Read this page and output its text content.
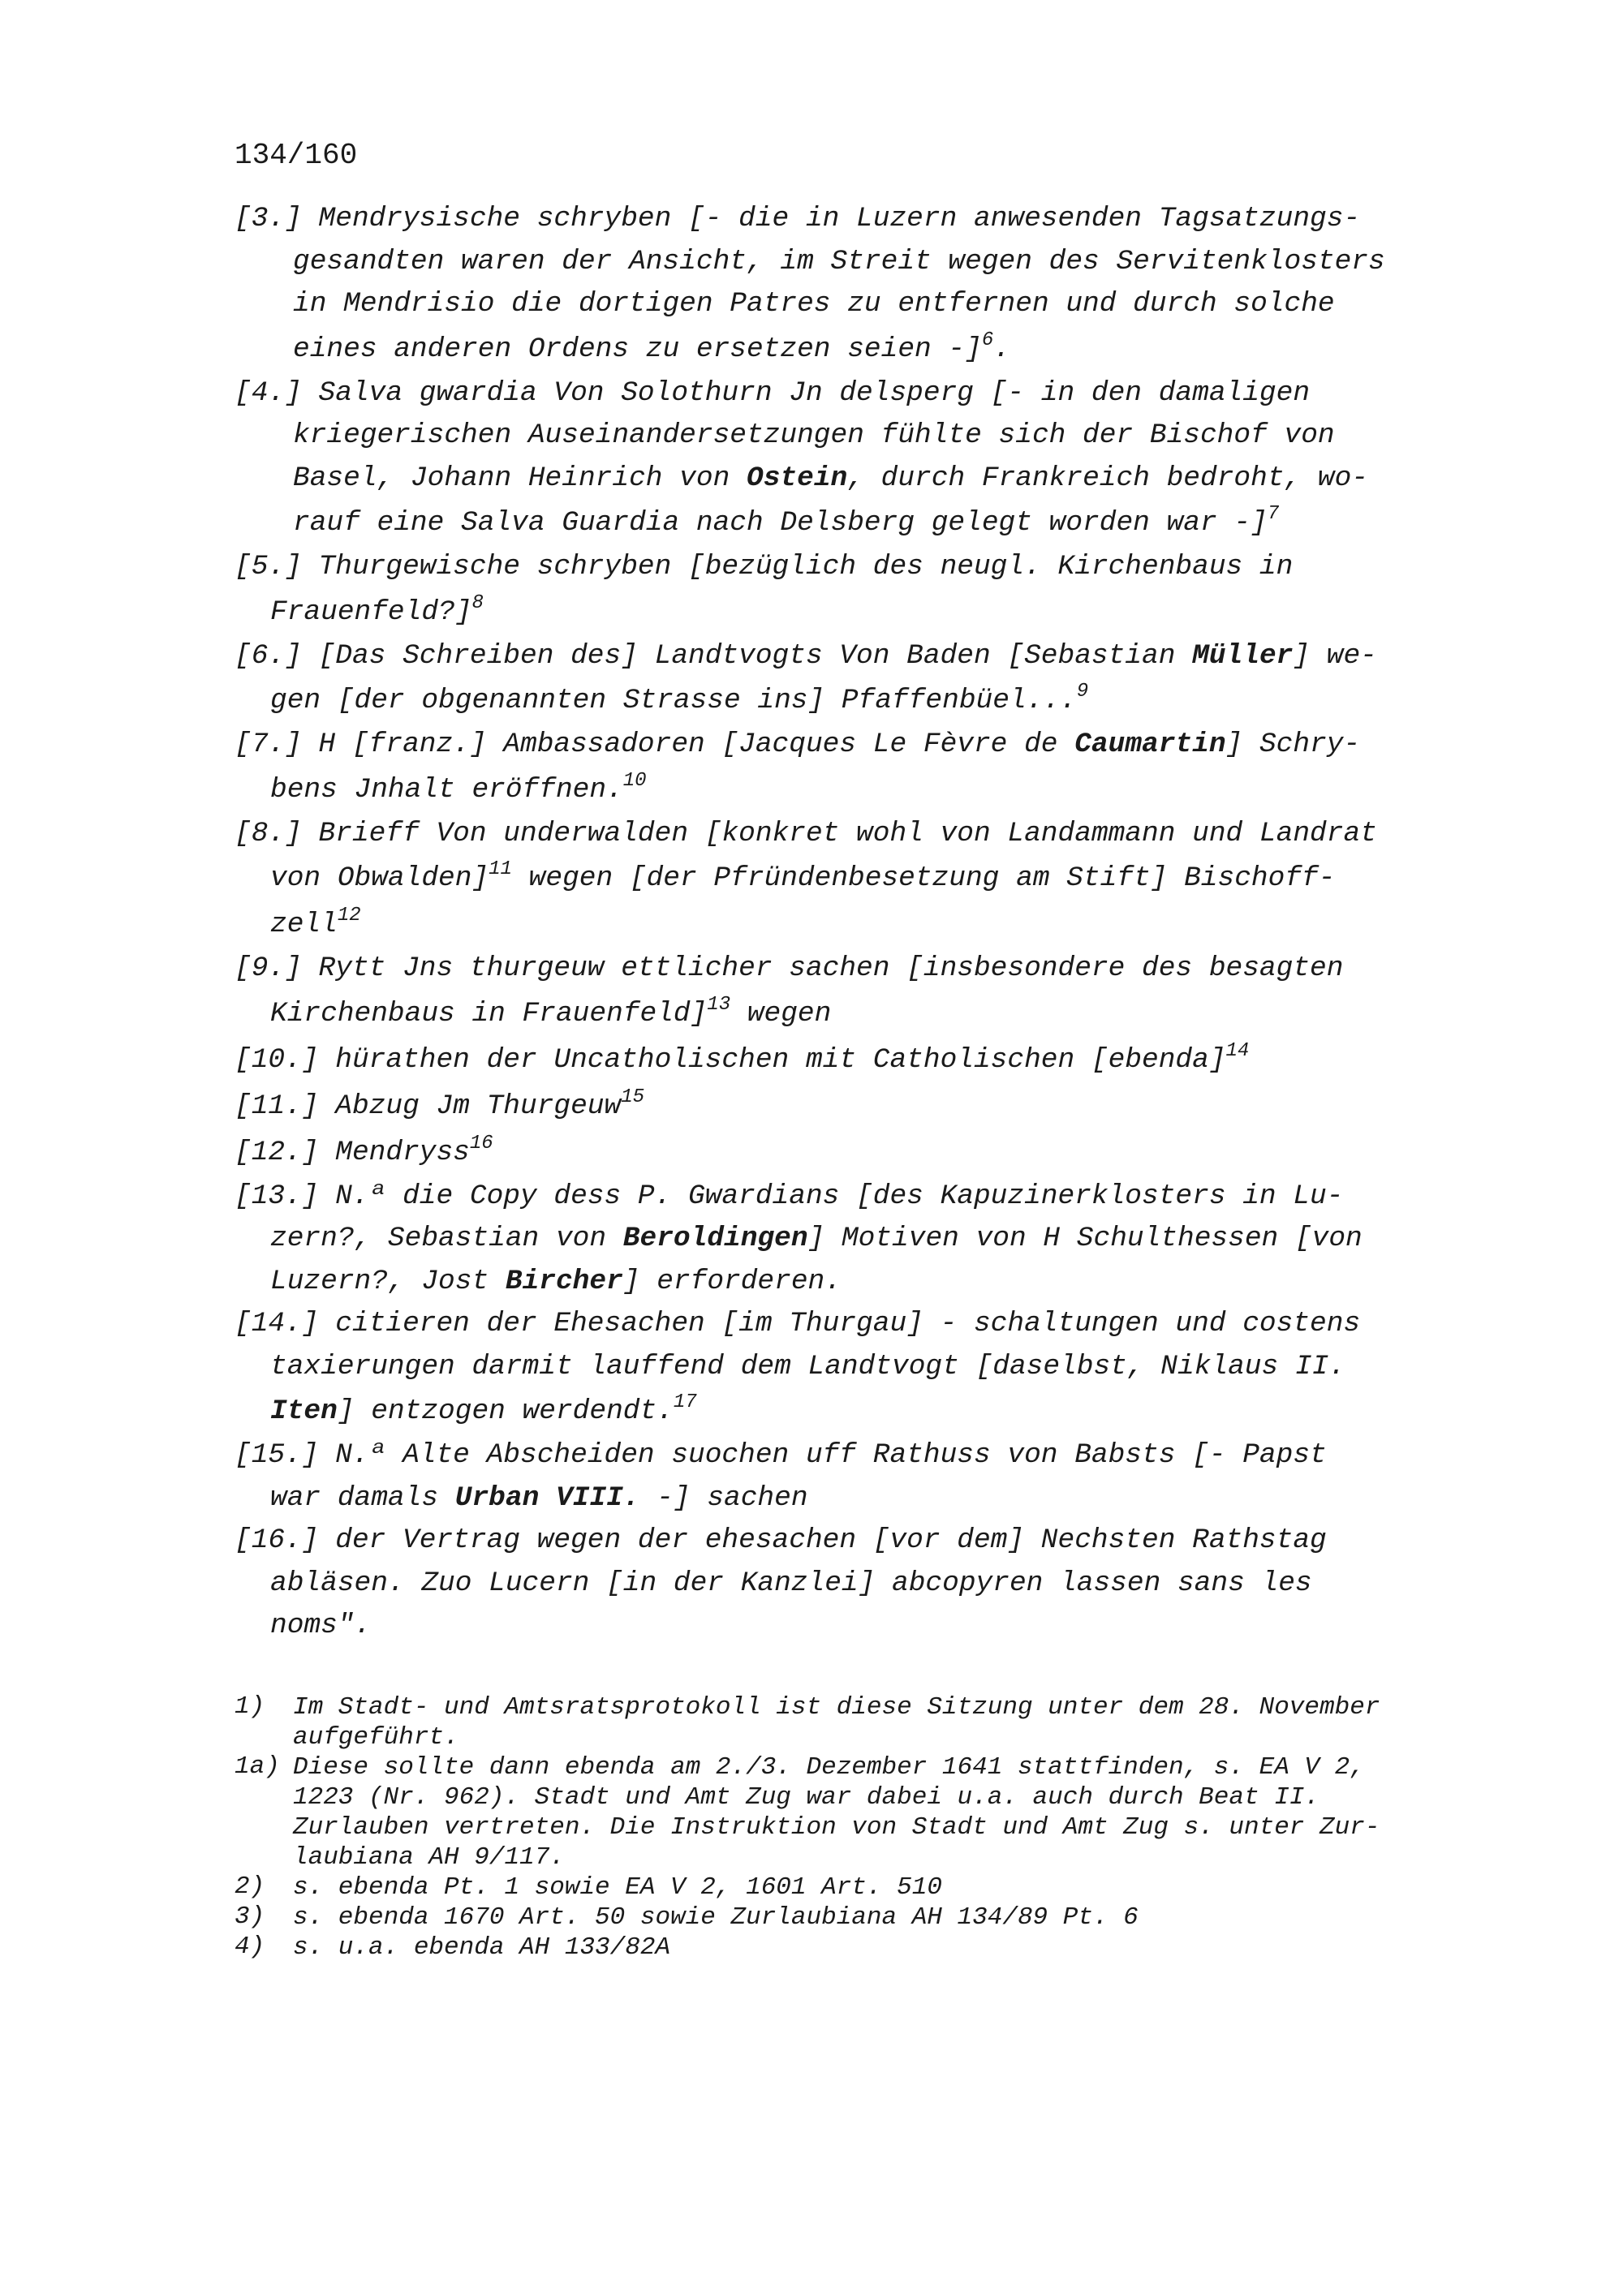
134/160
[3.] Mendrysische schryben [- die in Luzern anwesenden Tagsatzungs-
gesandten waren der Ansicht, im Streit wegen des Servitenklosters
in Mendrisio die dortigen Patres zu entfernen und durch solche
eines anderen Ordens zu ersetzen seien -]$^6$.
[4.] Salva gwardia Von Solothurn Jn delsperg [- in den damaligen
kriegerischen Auseinandersetzungen fühlte sich der Bischof von
Basel, Johann Heinrich von Ostein, durch Frankreich bedroht, wo-
rauf eine Salva Guardia nach Delsberg gelegt worden war -]$^7$
[5.] Thurgewische schryben [bezüglich des neugl. Kirchenbaus in
Frauenfeld?]$^8$
[6.] [Das Schreiben des] Landtvogts Von Baden [Sebastian Müller] we-
gen [der obgenannten Strasse ins] Pfaffenbüel...$^9$
[7.] H [franz.] Ambassadoren [Jacques Le Fèvre de Caumartin] Schry-
bens Jnhalt eröffnen.$^{10}$
[8.] Brieff Von underwalden [konkret wohl von Landammann und Landrat
von Obwalden]$^{11}$ wegen [der Pfründenbesetzung am Stift] Bischoff-
zell$^{12}$
[9.] Rytt Jns thurgeuw ettlicher sachen [insbesondere des besagten
Kirchenbaus in Frauenfeld]$^{13}$ wegen
[10.] hürathen der Uncatholischen mit Catholischen [ebenda]$^{14}$
[11.] Abzug Jm Thurgeuw$^{15}$
[12.] Mendryss$^{16}$
[13.] N.ª die Copy dess P. Gwardians [des Kapuzinerklosters in Lu-
zern?, Sebastian von Beroldingen] Motiven von H Schulthessen [von
Luzern?, Jost Bircher] erforderen.
[14.] citieren der Ehesachen [im Thurgau] - schaltungen und costens
taxierungen darmit lauffend dem Landtvogt [daselbst, Niklaus II.
Iten] entzogen werdendt.$^{17}$
[15.] N.ª Alte Abscheiden suochen uff Rathuss von Babsts [- Papst
war damals Urban VIII. -] sachen
[16.] der Vertrag wegen der ehesachen [vor dem] Nechsten Rathstag
abläsen. Zuo Lucern [in der Kanzlei] abcopyren lassen sans les
noms".
1)	Im Stadt- und Amtsratsprotokoll ist diese Sitzung unter dem 28. November
aufgeführt.
1a) Diese sollte dann ebenda am 2./3. Dezember 1641 stattfinden, s. EA V 2,
1223 (Nr. 962). Stadt und Amt Zug war dabei u.a. auch durch Beat II.
Zurlauben vertreten. Die Instruktion von Stadt und Amt Zug s. unter Zur-
laubiana AH 9/117.
2)	s. ebenda Pt. 1 sowie EA V 2, 1601 Art. 510
3)	s. ebenda 1670 Art. 50 sowie Zurlaubiana AH 134/89 Pt. 6
4)	s. u.a. ebenda AH 133/82A
